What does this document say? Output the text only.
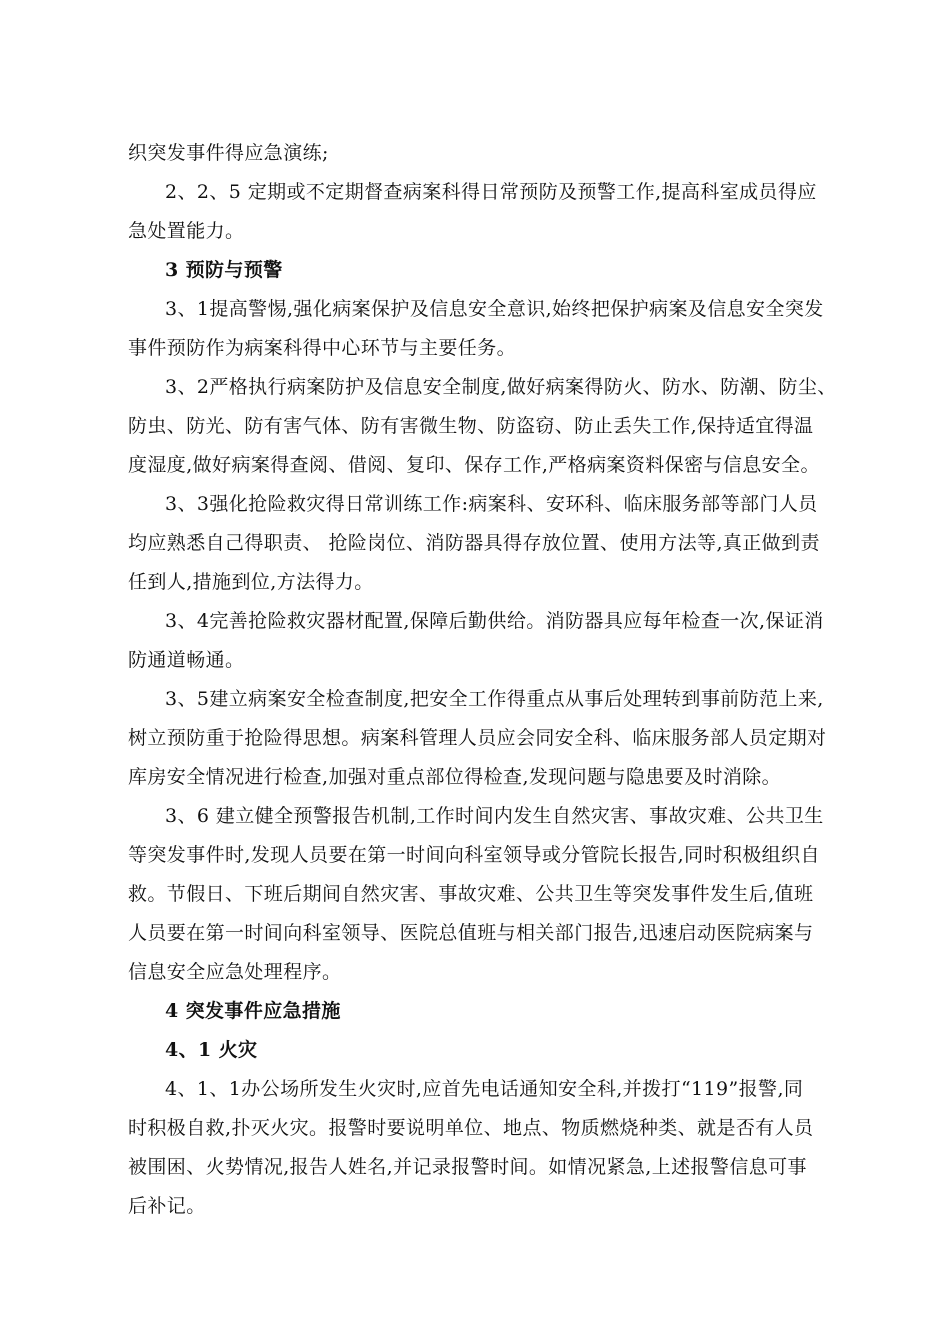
织突发事件得应急演练;
2、2、5 定期或不定期督查病案科得日常预防及预警工作,提高科室成员得应
急处置能力。
3 预防与预警
3、1提高警惕,强化病案保护及信息安全意识,始终把保护病案及信息安全突发
事件预防作为病案科得中心环节与主要任务。
3、2严格执行病案防护及信息安全制度,做好病案得防火、防水、防潮、防尘、
防虫、防光、防有害气体、防有害微生物、防盗窃、防止丢失工作,保持适宜得温
度湿度,做好病案得查阅、借阅、复印、保存工作,严格病案资料保密与信息安全。
3、3强化抢险救灾得日常训练工作:病案科、安环科、临床服务部等部门人员
均应熟悉自己得职责、 抢险岗位、消防器具得存放位置、使用方法等,真正做到责
任到人,措施到位,方法得力。
3、4完善抢险救灾器材配置,保障后勤供给。消防器具应每年检查一次,保证消
防通道畅通。
3、5建立病案安全检查制度,把安全工作得重点从事后处理转到事前防范上来,
树立预防重于抢险得思想。病案科管理人员应会同安全科、临床服务部人员定期对
库房安全情况进行检查,加强对重点部位得检查,发现问题与隐患要及时消除。
3、6 建立健全预警报告机制,工作时间内发生自然灾害、事故灾难、公共卫生
等突发事件时,发现人员要在第一时间向科室领导或分管院长报告,同时积极组织自
救。节假日、下班后期间自然灾害、事故灾难、公共卫生等突发事件发生后,值班
人员要在第一时间向科室领导、医院总值班与相关部门报告,迅速启动医院病案与
信息安全应急处理程序。
4 突发事件应急措施
4、1 火灾
4、1、1办公场所发生火灾时,应首先电话通知安全科,并拨打“119”报警,同
时积极自救,扑灭火灾。报警时要说明单位、地点、物质燃烧种类、就是否有人员
被围困、火势情况,报告人姓名,并记录报警时间。如情况紧急,上述报警信息可事
后补记。
